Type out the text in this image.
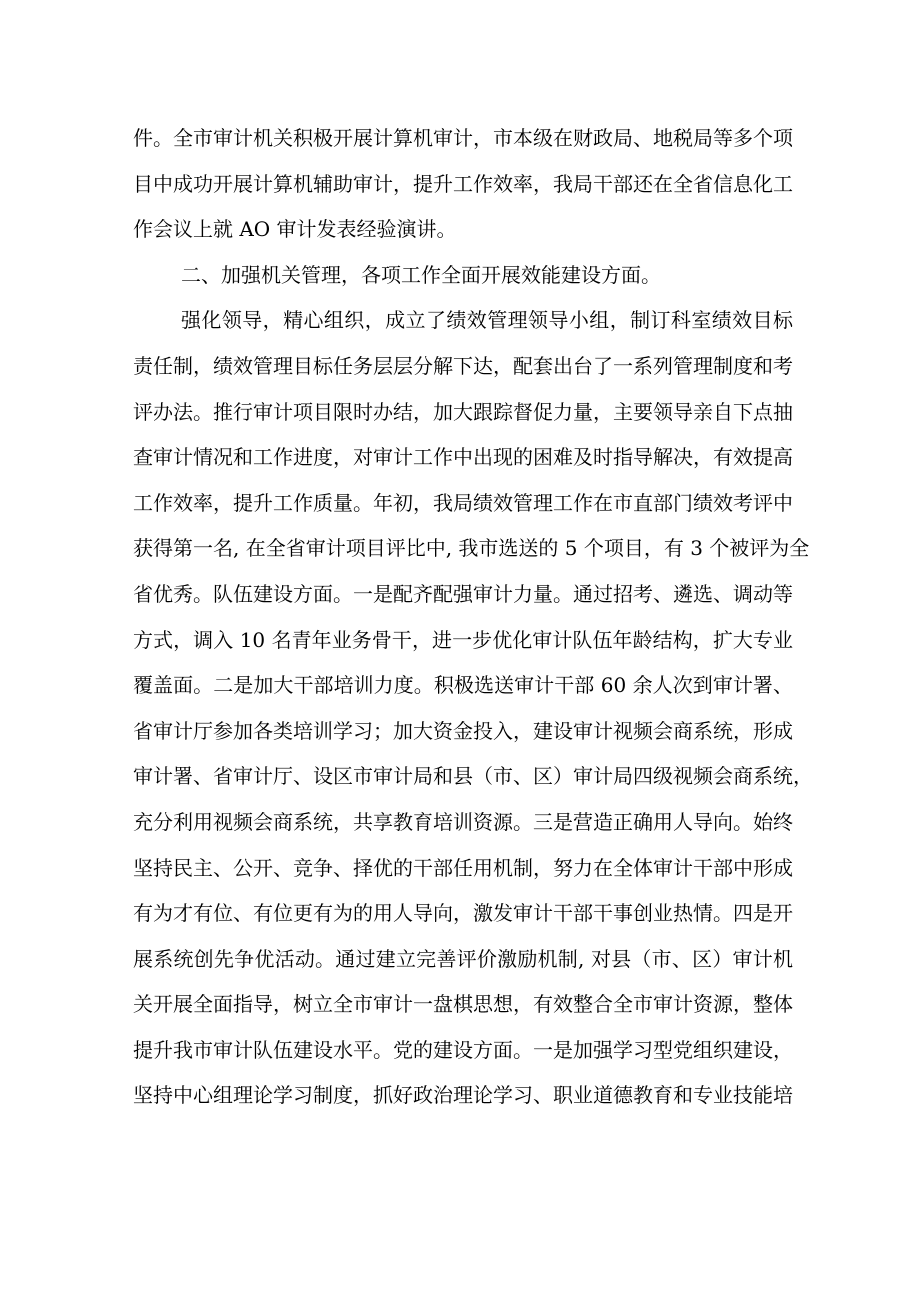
件。全市审计机关积极开展计算机审计，市本级在财政局、地税局等多个项
目中成功开展计算机辅助审计，提升工作效率，我局干部还在全省信息化工
作会议上就 AO 审计发表经验演讲。
二、加强机关管理，各项工作全面开展效能建设方面。
强化领导，精心组织，成立了绩效管理领导小组，制订科室绩效目标
责任制，绩效管理目标任务层层分解下达，配套出台了一系列管理制度和考
评办法。推行审计项目限时办结，加大跟踪督促力量，主要领导亲自下点抽
查审计情况和工作进度，对审计工作中出现的困难及时指导解决，有效提高
工作效率，提升工作质量。年初，我局绩效管理工作在市直部门绩效考评中
获得第一名, 在全省审计项目评比中, 我市选送的 5 个项目，有 3 个被评为全
省优秀。队伍建设方面。一是配齐配强审计力量。通过招考、遴选、调动等
方式，调入 10 名青年业务骨干，进一步优化审计队伍年龄结构，扩大专业
覆盖面。二是加大干部培训力度。积极选送审计干部 60 余人次到审计署、
省审计厅参加各类培训学习；加大资金投入，建设审计视频会商系统，形成
审计署、省审计厅、设区市审计局和县（市、区）审计局四级视频会商系统，
充分利用视频会商系统，共享教育培训资源。三是营造正确用人导向。始终
坚持民主、公开、竞争、择优的干部任用机制，努力在全体审计干部中形成
有为才有位、有位更有为的用人导向，激发审计干部干事创业热情。四是开
展系统创先争优活动。通过建立完善评价激励机制, 对县（市、区）审计机
关开展全面指导，树立全市审计一盘棋思想，有效整合全市审计资源，整体
提升我市审计队伍建设水平。党的建设方面。一是加强学习型党组织建设，
坚持中心组理论学习制度，抓好政治理论学习、职业道德教育和专业技能培
